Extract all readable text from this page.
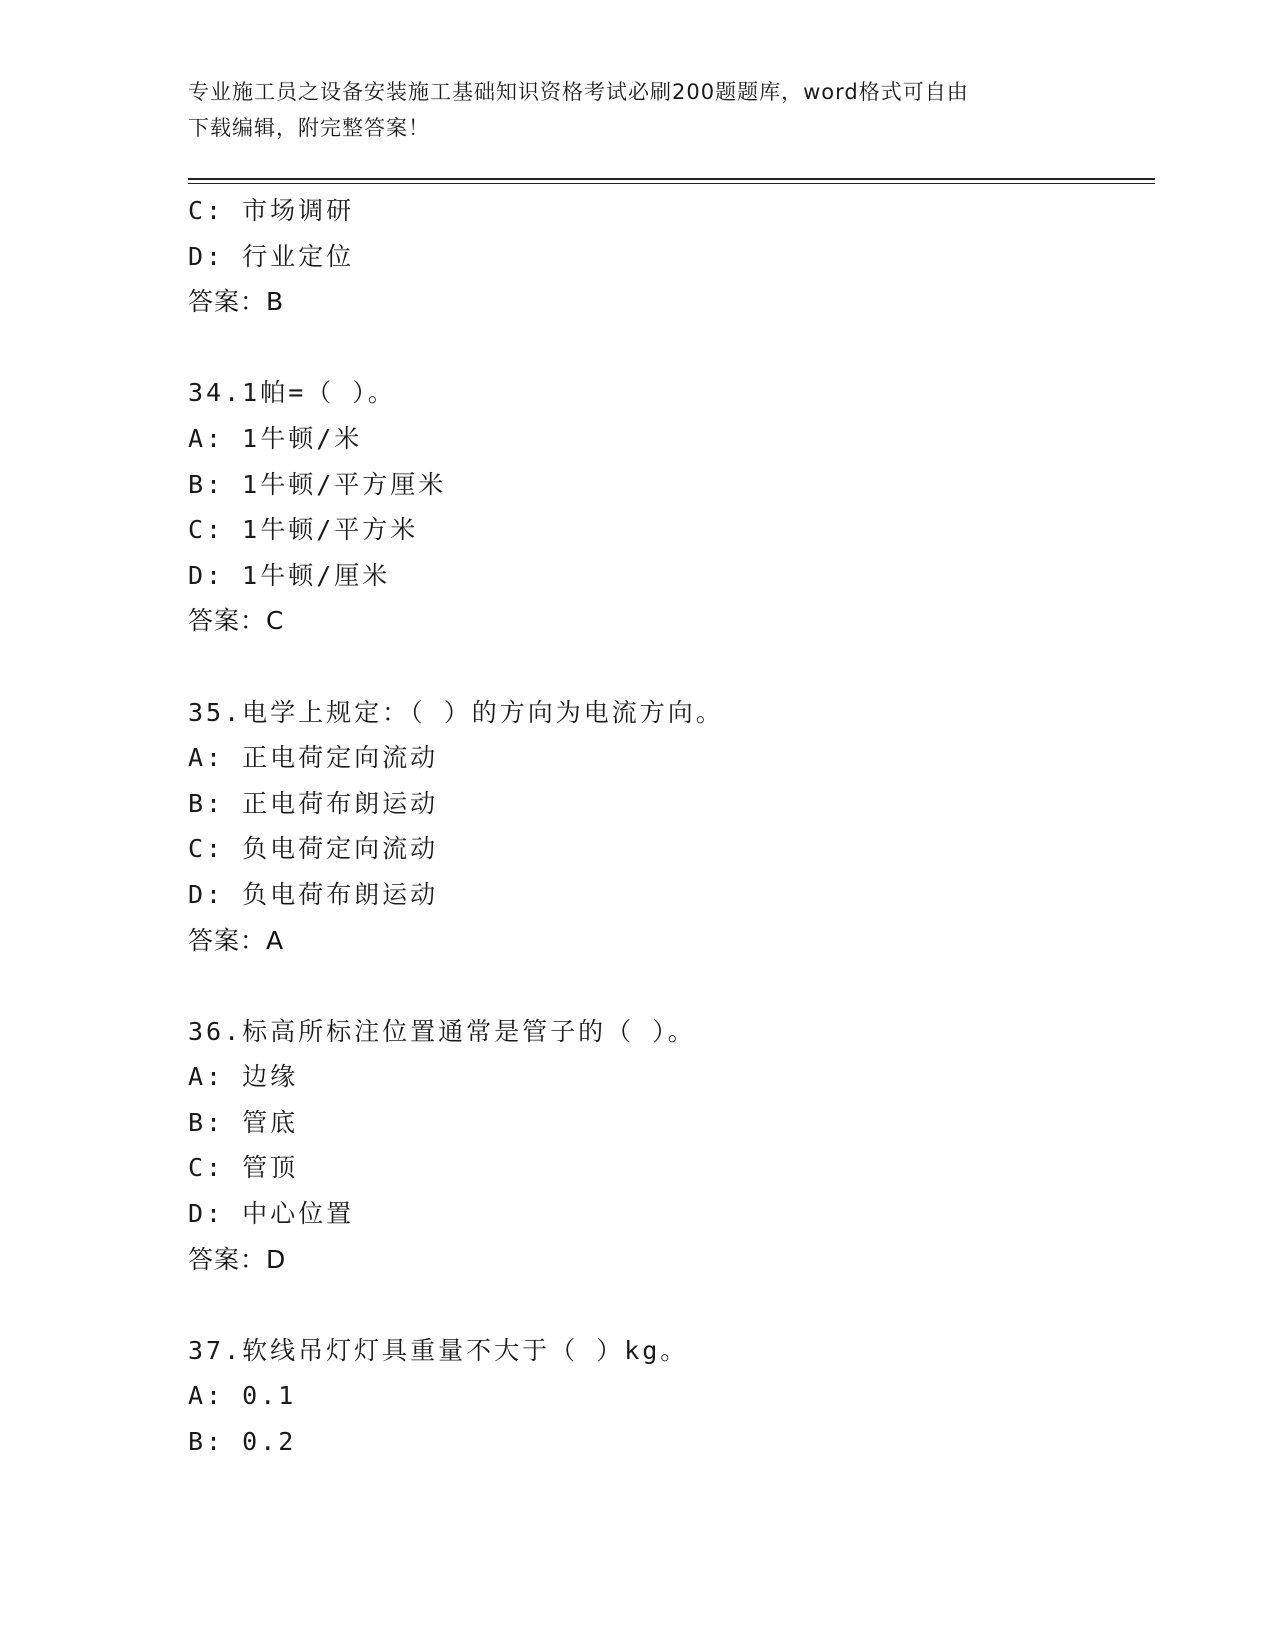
专业施工员之设备安装施工基础知识资格考试必刷200题题库，word格式可自由
下载编辑，附完整答案！
C: 市场调研
D: 行业定位
答案：B
34.1帕=（ ）。
A: 1牛顿/米
B: 1牛顿/平方厘米
C: 1牛顿/平方米
D: 1牛顿/厘米
答案：C
35.电学上规定：（ ）的方向为电流方向。
A: 正电荷定向流动
B: 正电荷布朗运动
C: 负电荷定向流动
D: 负电荷布朗运动
答案：A
36.标高所标注位置通常是管子的（ ）。
A: 边缘
B: 管底
C: 管顶
D: 中心位置
答案：D
37.软线吊灯灯具重量不大于（ ）kg。
A: 0.1
B: 0.2
